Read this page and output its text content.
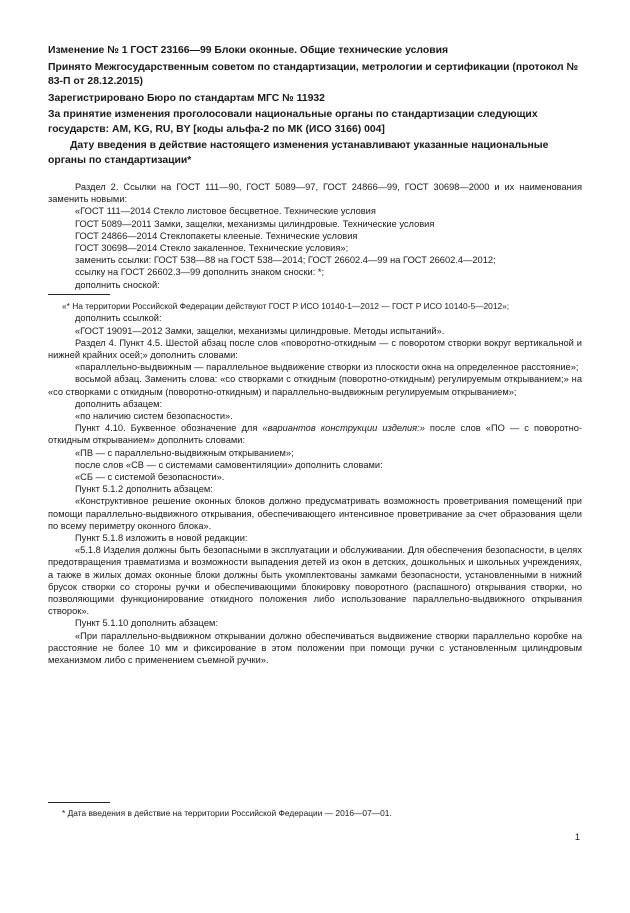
Изменение № 1 ГОСТ 23166—99 Блоки оконные. Общие технические условия

Принято Межгосударственным советом по стандартизации, метрологии и сертификации (протокол № 83-П от 28.12.2015)

Зарегистрировано Бюро по стандартам МГС № 11932

За принятие изменения проголосовали национальные органы по стандартизации следующих государств: AM, KG, RU, BY [коды альфа-2 по МК (ИСО 3166) 004]

Дату введения в действие настоящего изменения устанавливают указанные национальные органы по стандартизации*

Раздел 2. Ссылки на ГОСТ 111—90, ГОСТ 5089—97, ГОСТ 24866—99, ГОСТ 30698—2000 и их наименования заменить новыми:

«ГОСТ 111—2014 Стекло листовое бесцветное. Технические условия

ГОСТ 5089—2011 Замки, защелки, механизмы цилиндровые. Технические условия

ГОСТ 24866—2014 Стеклопакеты клееные. Технические условия

ГОСТ 30698—2014 Стекло закаленное. Технические условия»;

заменить ссылки: ГОСТ 538—88 на ГОСТ 538—2014; ГОСТ 26602.4—99 на ГОСТ 26602.4—2012;

ссылку на ГОСТ 26602.3—99 дополнить знаком сноски: *;

дополнить сноской:

«* На территории Российской Федерации действуют ГОСТ Р ИСО 10140-1—2012 — ГОСТ Р ИСО 10140-5—2012»;

дополнить ссылкой:

«ГОСТ 19091—2012 Замки, защелки, механизмы цилиндровые. Методы испытаний».

Раздел 4. Пункт 4.5. Шестой абзац после слов «поворотно-откидным — с поворотом створки вокруг вертикальной и нижней крайних осей;» дополнить словами:

«параллельно-выдвижным — параллельное выдвижение створки из плоскости окна на определенное расстояние»;

восьмой абзац. Заменить слова: «со створками с откидным (поворотно-откидным) регулируемым открыванием;» на «со створками с откидным (поворотно-откидным) и параллельно-выдвижным регулируемым открыванием»;

дополнить абзацем:

«по наличию систем безопасности».

Пункт 4.10. Буквенное обозначение для «вариантов конструкции изделия:» после слов «ПО — с поворотно-откидным открыванием» дополнить словами:

«ПВ — с параллельно-выдвижным открыванием»;

после слов «СВ — с системами самовентиляции» дополнить словами:

«СБ — с системой безопасности».

Пункт 5.1.2 дополнить абзацем:

«Конструктивное решение оконных блоков должно предусматривать возможность проветривания помещений при помощи параллельно-выдвижного открывания, обеспечивающего интенсивное проветривание за счет образования щели по всему периметру оконного блока».

Пункт 5.1.8 изложить в новой редакции:

«5.1.8 Изделия должны быть безопасными в эксплуатации и обслуживании. Для обеспечения безопасности, в целях предотвращения травматизма и возможности выпадения детей из окон в детских, дошкольных и школьных учреждениях, а также в жилых домах оконные блоки должны быть укомплектованы замками безопасности, установленными в нижний брусок створки со стороны ручки и обеспечивающими блокировку поворотного (распашного) открывания створки, но позволяющими функционирование откидного положения либо использование параллельно-выдвижного открывания створок».

Пункт 5.1.10 дополнить абзацем:

«При параллельно-выдвижном открывании должно обеспечиваться выдвижение створки параллельно коробке на расстояние не более 10 мм и фиксирование в этом положении при помощи ручки с установленным цилиндровым механизмом либо с применением съемной ручки».

* Дата введения в действие на территории Российской Федерации — 2016—07—01.
1
